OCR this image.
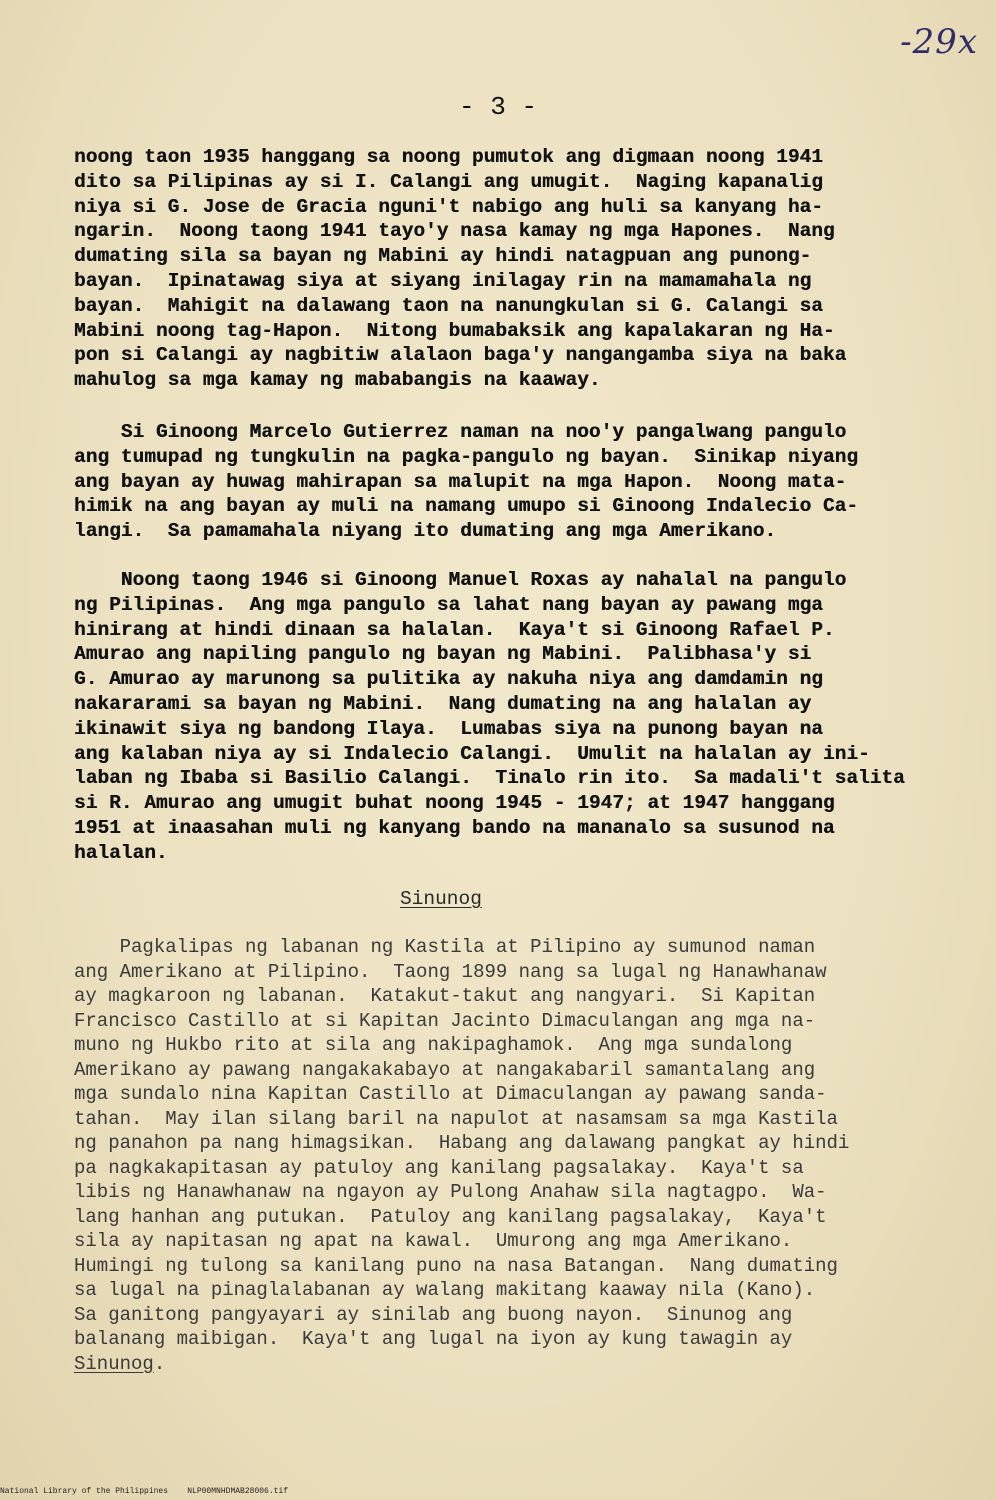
-29x
- 3 -

noong taon 1935 hanggang sa noong pumutok ang digmaan noong 1941
dito sa Pilipinas ay si I. Calangi ang umugit.  Naging kapanalig
niya si G. Jose de Gracia nguni't nabigo ang huli sa kanyang ha-
ngarin.  Noong taong 1941 tayo'y nasa kamay ng mga Hapones.  Nang
dumating sila sa bayan ng Mabini ay hindi natagpuan ang punong-
bayan.  Ipinatawag siya at siyang inilagay rin na mamamahala ng
bayan.  Mahigit na dalawang taon na nanungkulan si G. Calangi sa
Mabini noong tag-Hapon.  Nitong bumabaksik ang kapalakaran ng Ha-
pon si Calangi ay nagbitiw alalaon baga'y nangangamba siya na baka
mahulog sa mga kamay ng mababangis na kaaway.

Si Ginoong Marcelo Gutierrez naman na noo'y pangalwang pangulo
ang tumupad ng tungkulin na pagka-pangulo ng bayan.  Sinikap niyang
ang bayan ay huwag mahirapan sa malupit na mga Hapon.  Noong mata-
himik na ang bayan ay muli na namang umupo si Ginoong Indalecio Ca-
langi.  Sa pamamahala niyang ito dumating ang mga Amerikano.

Noong taong 1946 si Ginoong Manuel Roxas ay nahalal na pangulo
ng Pilipinas.  Ang mga pangulo sa lahat nang bayan ay pawang mga
hinirang at hindi dinaan sa halalan.  Kaya't si Ginoong Rafael P.
Amurao ang napiling pangulo ng bayan ng Mabini.  Palibhasa'y si
G. Amurao ay marunong sa pulitika ay nakuha niya ang damdamin ng
nakararami sa bayan ng Mabini.  Nang dumating na ang halalan ay
ikinawit siya ng bandong Ilaya.  Lumabas siya na punong bayan na
ang kalaban niya ay si Indalecio Calangi.  Umulit na halalan ay ini-
laban ng Ibaba si Basilio Calangi.  Tinalo rin ito.  Sa madali't salita
si R. Amurao ang umugit buhat noong 1945 - 1947; at 1947 hanggang
1951 at inaasahan muli ng kanyang bando na mananalo sa susunod na
halalan.

Sinunog

Pagkalipas ng labanan ng Kastila at Pilipino ay sumunod naman
ang Amerikano at Pilipino.  Taong 1899 nang sa lugal ng Hanawhanaw
ay magkaroon ng labanan.  Katakut-takut ang nangyari.  Si Kapitan
Francisco Castillo at si Kapitan Jacinto Dimaculangan ang mga na-
muno ng Hukbo rito at sila ang nakipaghamok.  Ang mga sundalong
Amerikano ay pawang nangakakabayo at nangakabaril samantalang ang
mga sundalo nina Kapitan Castillo at Dimaculangan ay pawang sanda-
tahan.  May ilan silang baril na napulot at nasamsam sa mga Kastila
ng panahon pa nang himagsikan.  Habang ang dalawang pangkat ay hindi
pa nagkakapitasan ay patuloy ang kanilang pagsalakay.  Kaya't sa
libis ng Hanawhanaw na ngayon ay Pulong Anahaw sila nagtagpo.  Wa-
lang hanhan ang putukan.  Patuloy ang kanilang pagsalakay,  Kaya't
sila ay napitasan ng apat na kawal.  Umurong ang mga Amerikano.
Humingi ng tulong sa kanilang puno na nasa Batangan.  Nang dumating
sa lugal na pinaglalabanan ay walang makitang kaaway nila (Kano).
Sa ganitong pangyayari ay sinilab ang buong nayon.  Sinunog ang
balanang maibigan.  Kaya't ang lugal na iyon ay kung tawagin ay
Sinunog.

National Library of the Philippines    NLP00MNHDMAB28006.tif
